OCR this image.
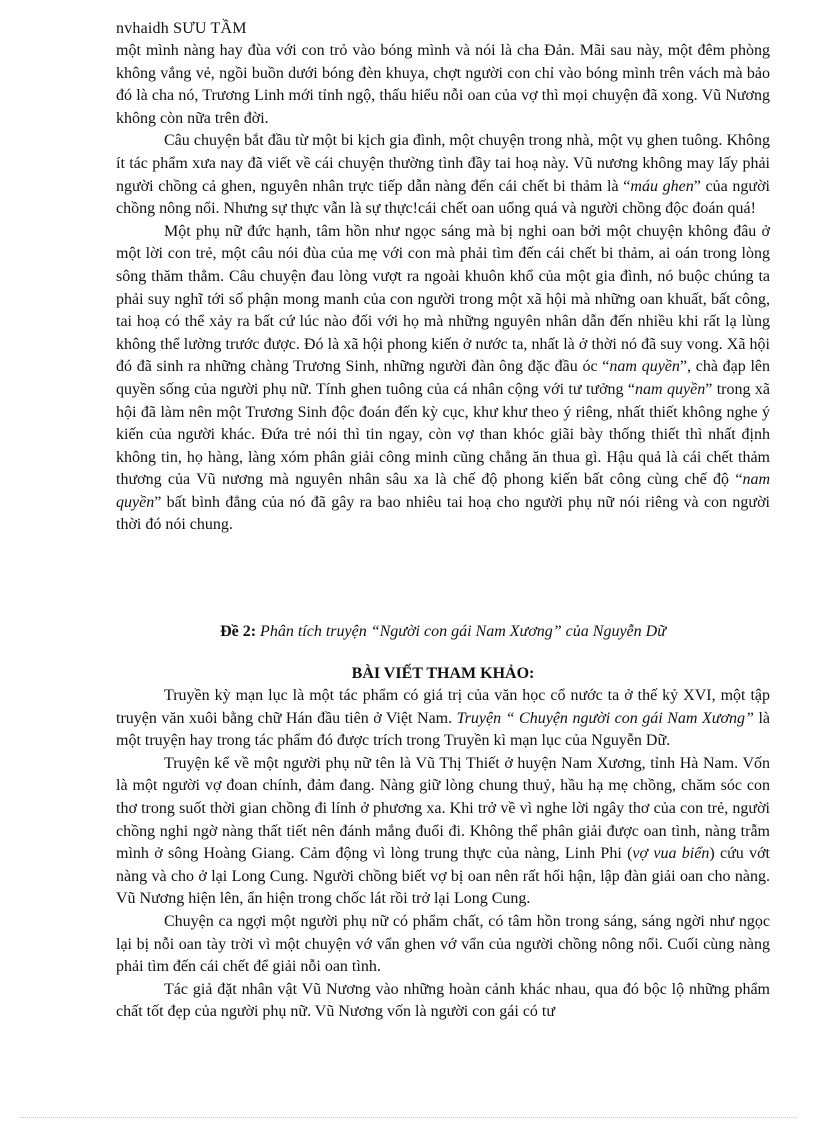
nvhaidh SƯU TẦM

một mình nàng hay đùa với con trỏ vào bóng mình và nói là cha Đản. Mãi sau này, một đêm phòng không vắng vẻ, ngồi buồn dưới bóng đèn khuya, chợt người con chỉ vào bóng mình trên vách mà bảo đó là cha nó, Trương Linh mới tỉnh ngộ, thấu hiểu nỗi oan của vợ thì mọi chuyện đã xong. Vũ Nương không còn nữa trên đời.

Câu chuyện bắt đầu từ một bi kịch gia đình, một chuyện trong nhà, một vụ ghen tuông. Không ít tác phẩm xưa nay đã viết về cái chuyện thường tình đầy tai hoạ này. Vũ nương không may lấy phải người chồng cả ghen, nguyên nhân trực tiếp dẫn nàng đến cái chết bi thảm là “máu ghen” của người chồng nông nổi. Nhưng sự thực vẫn là sự thực!cái chết oan uổng quá và người chồng độc đoán quá!

Một phụ nữ đức hạnh, tâm hồn như ngọc sáng mà bị nghi oan bởi một chuyện không đâu ở một lời con trẻ, một câu nói đùa của mẹ với con mà phải tìm đến cái chết bi thảm, ai oán trong lòng sông thăm thẳm. Câu chuyện đau lòng vượt ra ngoài khuôn khổ của một gia đình, nó buộc chúng ta phải suy nghĩ tới số phận mong manh của con người trong một xã hội mà những oan khuất, bất công, tai hoạ có thể xảy ra bất cứ lúc nào đối với họ mà những nguyên nhân dẫn đến nhiều khi rất lạ lùng không thể lường trước được. Đó là xã hội phong kiến ở nước ta, nhất là ở thời nó đã suy vong. Xã hội đó đã sinh ra những chàng Trương Sinh, những người đàn ông đặc đầu óc “nam quyền”, chà đạp lên quyền sống của người phụ nữ. Tính ghen tuông của cá nhân cộng với tư tưởng “nam quyền” trong xã hội đã làm nên một Trương Sinh độc đoán đến kỳ cục, khư khư theo ý riêng, nhất thiết không nghe ý kiến của người khác. Đứa trẻ nói thì tin ngay, còn vợ than khóc giãi bày thống thiết thì nhất định không tin, họ hàng, làng xóm phân giải công minh cũng chẳng ăn thua gì. Hậu quả là cái chết thảm thương của Vũ nương mà nguyên nhân sâu xa là chế độ phong kiến bất công cùng chế độ “nam quyền” bất bình đẳng của nó đã gây ra bao nhiêu tai hoạ cho người phụ nữ nói riêng và con người thời đó nói chung.

Đề 2: Phân tích truyện “Người con gái Nam Xương” của Nguyễn Dữ
BÀI VIẾT THAM KHẢO:

Truyền kỳ mạn lục là một tác phẩm có giá trị của văn học cổ nước ta ở thế kỷ XVI, một tập truyện văn xuôi bằng chữ Hán đầu tiên ở Việt Nam. Truyện “ Chuyện người con gái Nam Xương” là một truyện hay trong tác phẩm đó được trích trong Truyền kì mạn lục của Nguyễn Dữ.

Truyện kể về một người phụ nữ tên là Vũ Thị Thiết ở huyện Nam Xương, tỉnh Hà Nam. Vốn là một người vợ đoan chính, đảm đang. Nàng giữ lòng chung thuỷ, hầu hạ mẹ chồng, chăm sóc con thơ trong suốt thời gian chồng đi lính ở phương xa. Khi trở về vì nghe lời ngây thơ của con trẻ, người chồng nghi ngờ nàng thất tiết nên đánh mắng đuổi đi. Không thể phân giải được oan tình, nàng trẫm mình ở sông Hoàng Giang. Cảm động vì lòng trung thực của nàng, Linh Phi (vợ vua biển) cứu vớt nàng và cho ở lại Long Cung. Người chồng biết vợ bị oan nên rất hối hận, lập đàn giải oan cho nàng. Vũ Nương hiện lên, ẩn hiện trong chốc lát rồi trở lại Long Cung.

Chuyện ca ngợi một người phụ nữ có phẩm chất, có tâm hồn trong sáng, sáng ngời như ngọc lại bị nỗi oan tày trời vì một chuyện vớ vẩn ghen vớ vẩn của người chồng nông nổi. Cuối cùng nàng phải tìm đến cái chết để giải nỗi oan tình.

Tác giả đặt nhân vật Vũ Nương vào những hoàn cảnh khác nhau, qua đó bộc lộ những phẩm chất tốt đẹp của người phụ nữ. Vũ Nương vốn là người con gái có tư
